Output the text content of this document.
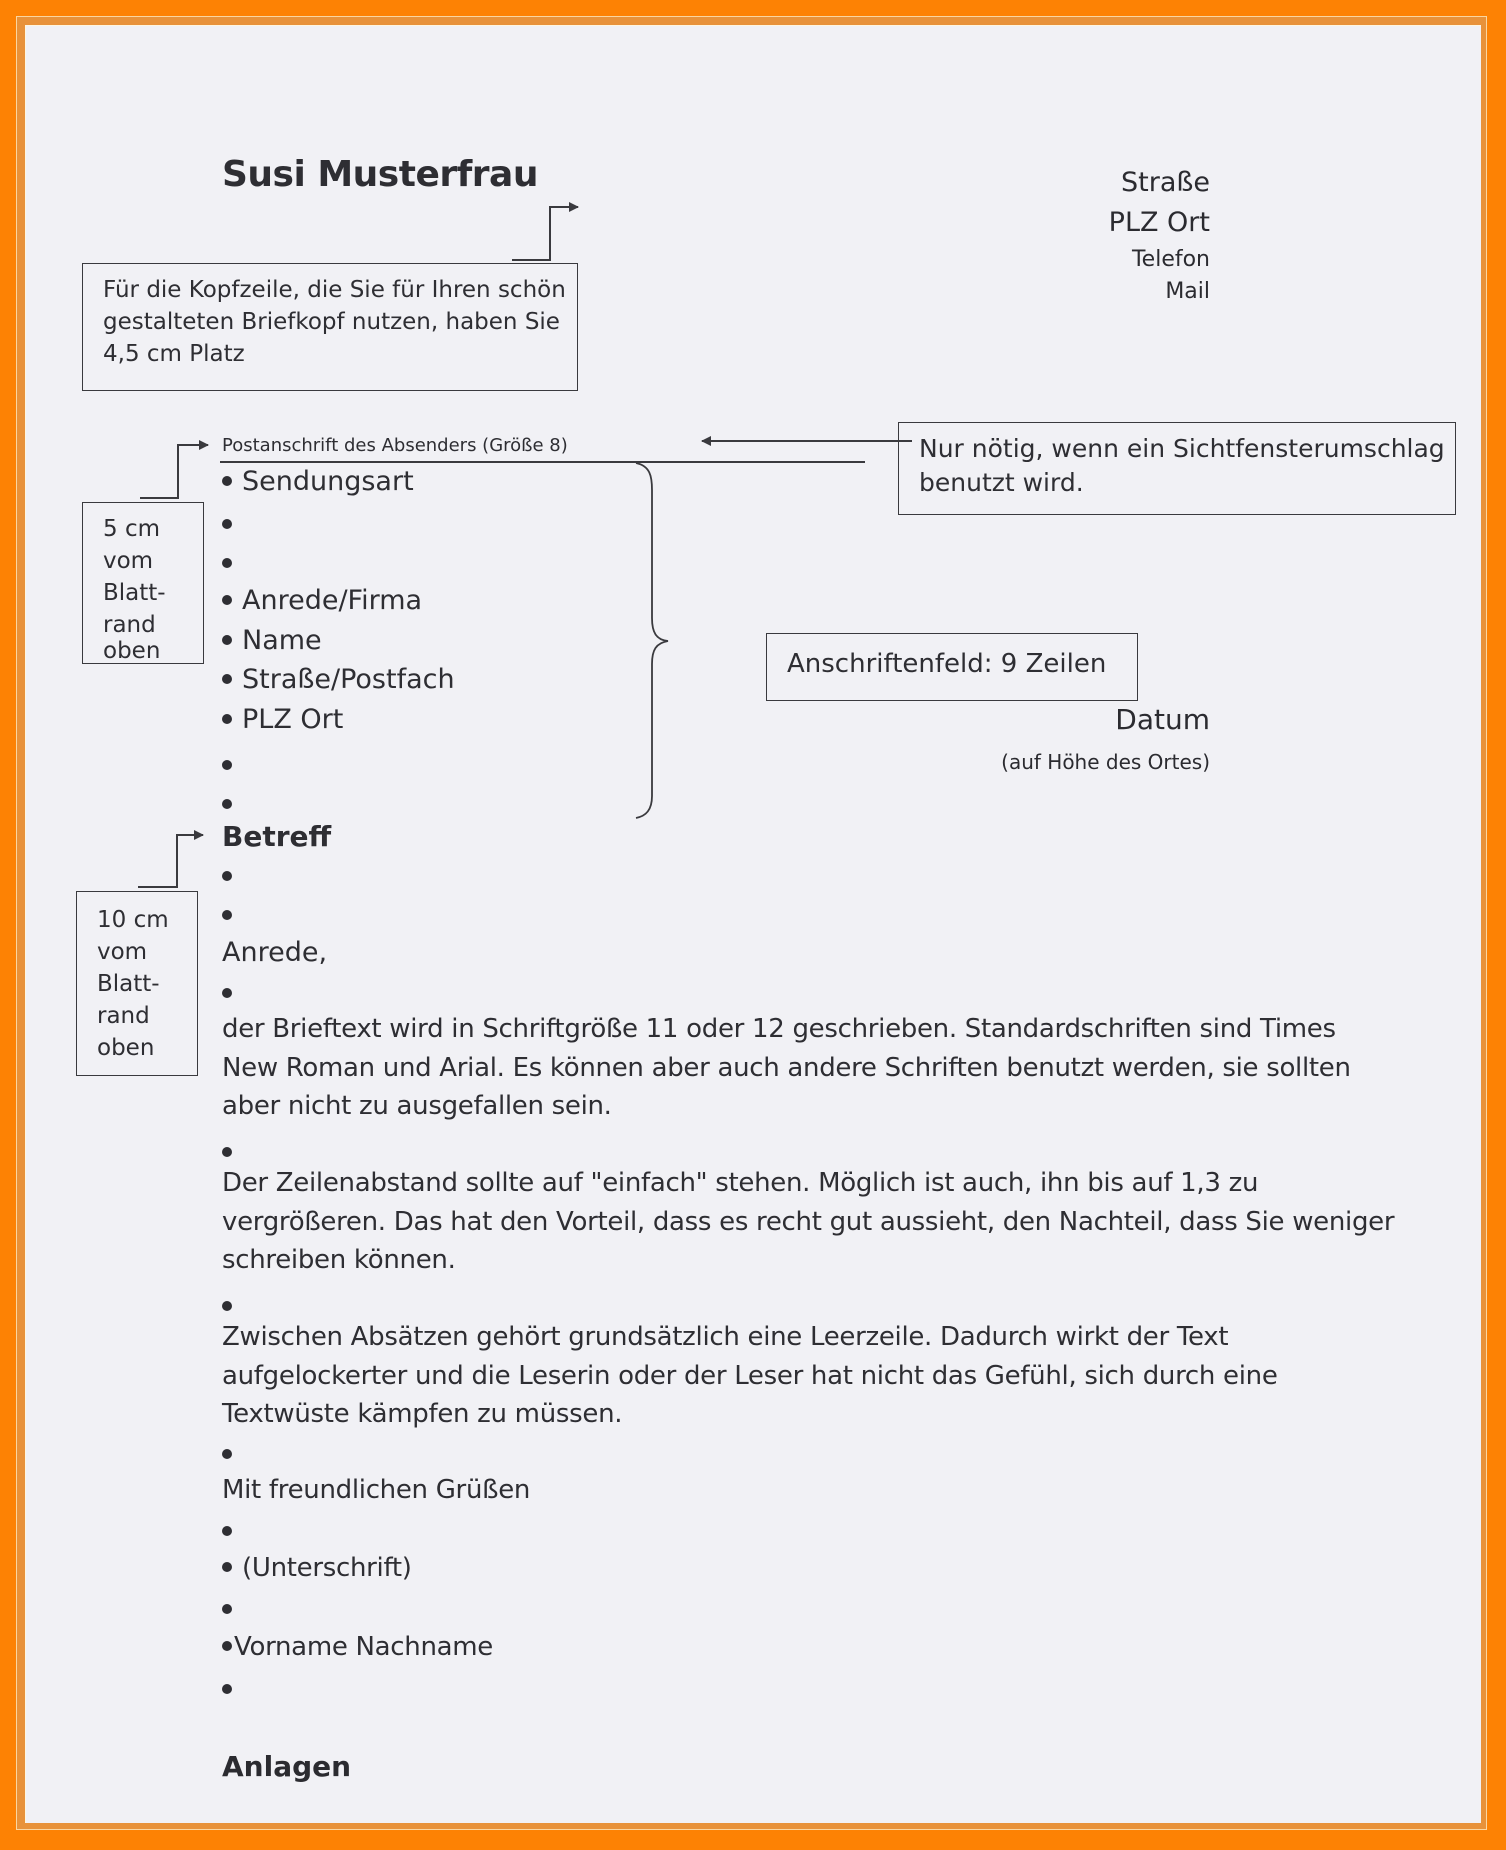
Susi Musterfrau	Straße
PLZ Ort
Telefon
Mail
Für die Kopfzeile, die Sie für Ihren schön
gestalteten Briefkopf nutzen, haben Sie
4,5 cm Platz
Postanschrift des Absenders (Größe 8)	Nur nötig, wenn ein Sichtfensterumschlag
benutzt wird.
5 cm
vom
Blatt-
rand
oben
Sendungsart
Anrede/Firma
Name
Straße/Postfach
PLZ Ort
Anschriftenfeld: 9 Zeilen
Datum
(auf Höhe des Ortes)
10 cm
vom
Blatt-
rand
oben
Betreff
Anrede,
der Brieftext wird in Schriftgröße 11 oder 12 geschrieben. Standardschriften sind Times
New Roman und Arial. Es können aber auch andere Schriften benutzt werden, sie sollten
aber nicht zu ausgefallen sein.
Der Zeilenabstand sollte auf "einfach" stehen. Möglich ist auch, ihn bis auf 1,3 zu
vergrößeren. Das hat den Vorteil, dass es recht gut aussieht, den Nachteil, dass Sie weniger
schreiben können.
Zwischen Absätzen gehört grundsätzlich eine Leerzeile. Dadurch wirkt der Text
aufgelockerter und die Leserin oder der Leser hat nicht das Gefühl, sich durch eine
Textwüste kämpfen zu müssen.
Mit freundlichen Grüßen
(Unterschrift)
Vorname Nachname
Anlagen
